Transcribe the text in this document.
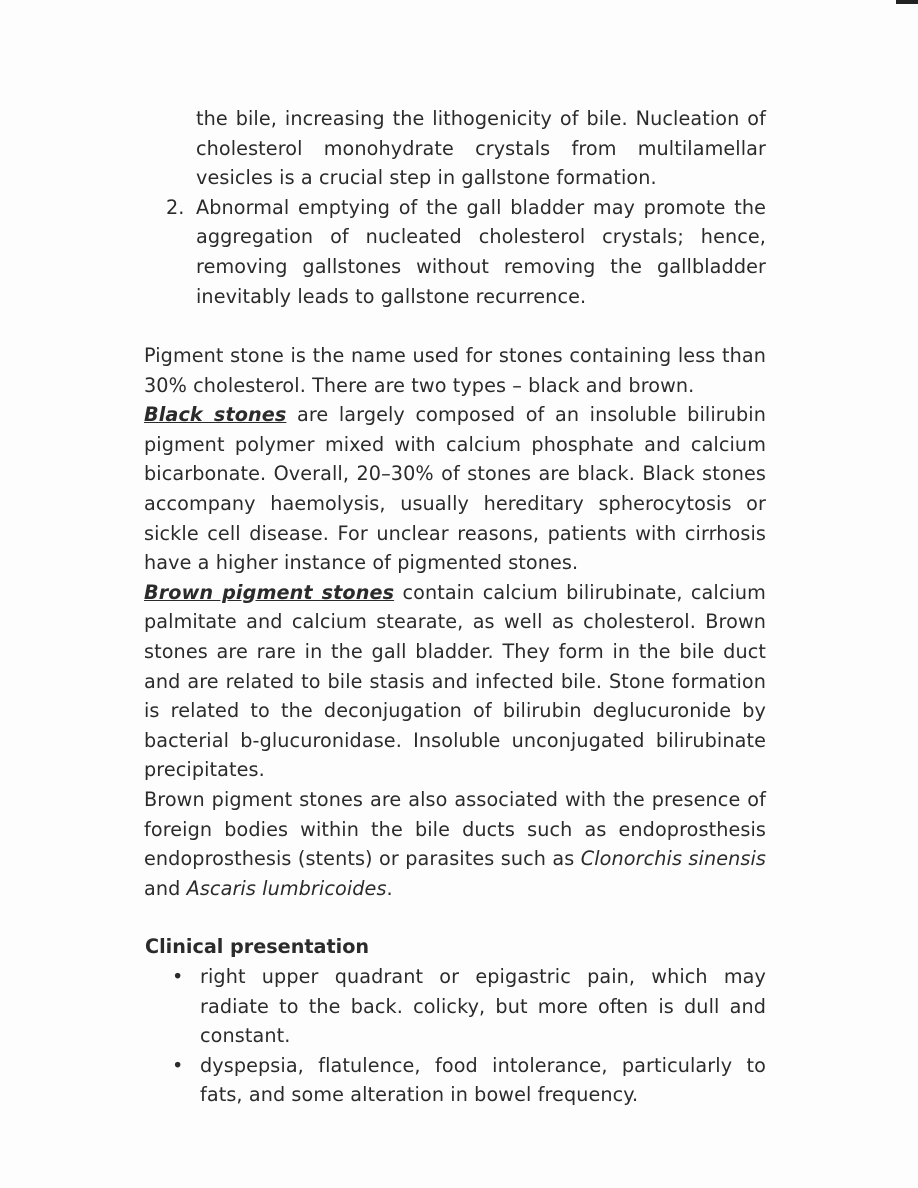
the bile, increasing the lithogenicity of bile. Nucleation of cholesterol monohydrate crystals from multilamellar vesicles is a crucial step in gallstone formation.
2. Abnormal emptying of the gall bladder may promote the aggregation of nucleated cholesterol crystals; hence, removing gallstones without removing the gallbladder inevitably leads to gallstone recurrence.

Pigment stone is the name used for stones containing less than 30% cholesterol. There are two types – black and brown.

Black stones are largely composed of an insoluble bilirubin pigment polymer mixed with calcium phosphate and calcium bicarbonate. Overall, 20–30% of stones are black. Black stones accompany haemolysis, usually hereditary spherocytosis or sickle cell disease. For unclear reasons, patients with cirrhosis have a higher instance of pigmented stones.

Brown pigment stones contain calcium bilirubinate, calcium palmitate and calcium stearate, as well as cholesterol. Brown stones are rare in the gall bladder. They form in the bile duct and are related to bile stasis and infected bile. Stone formation is related to the deconjugation of bilirubin deglucuronide by bacterial b-glucuronidase. Insoluble unconjugated bilirubinate precipitates.

Brown pigment stones are also associated with the presence of foreign bodies within the bile ducts such as endoprosthesis endoprosthesis (stents) or parasites such as Clonorchis sinensis and Ascaris lumbricoides.

Clinical presentation
• right upper quadrant or epigastric pain, which may radiate to the back. colicky, but more often is dull and constant.
• dyspepsia, flatulence, food intolerance, particularly to fats, and some alteration in bowel frequency.
